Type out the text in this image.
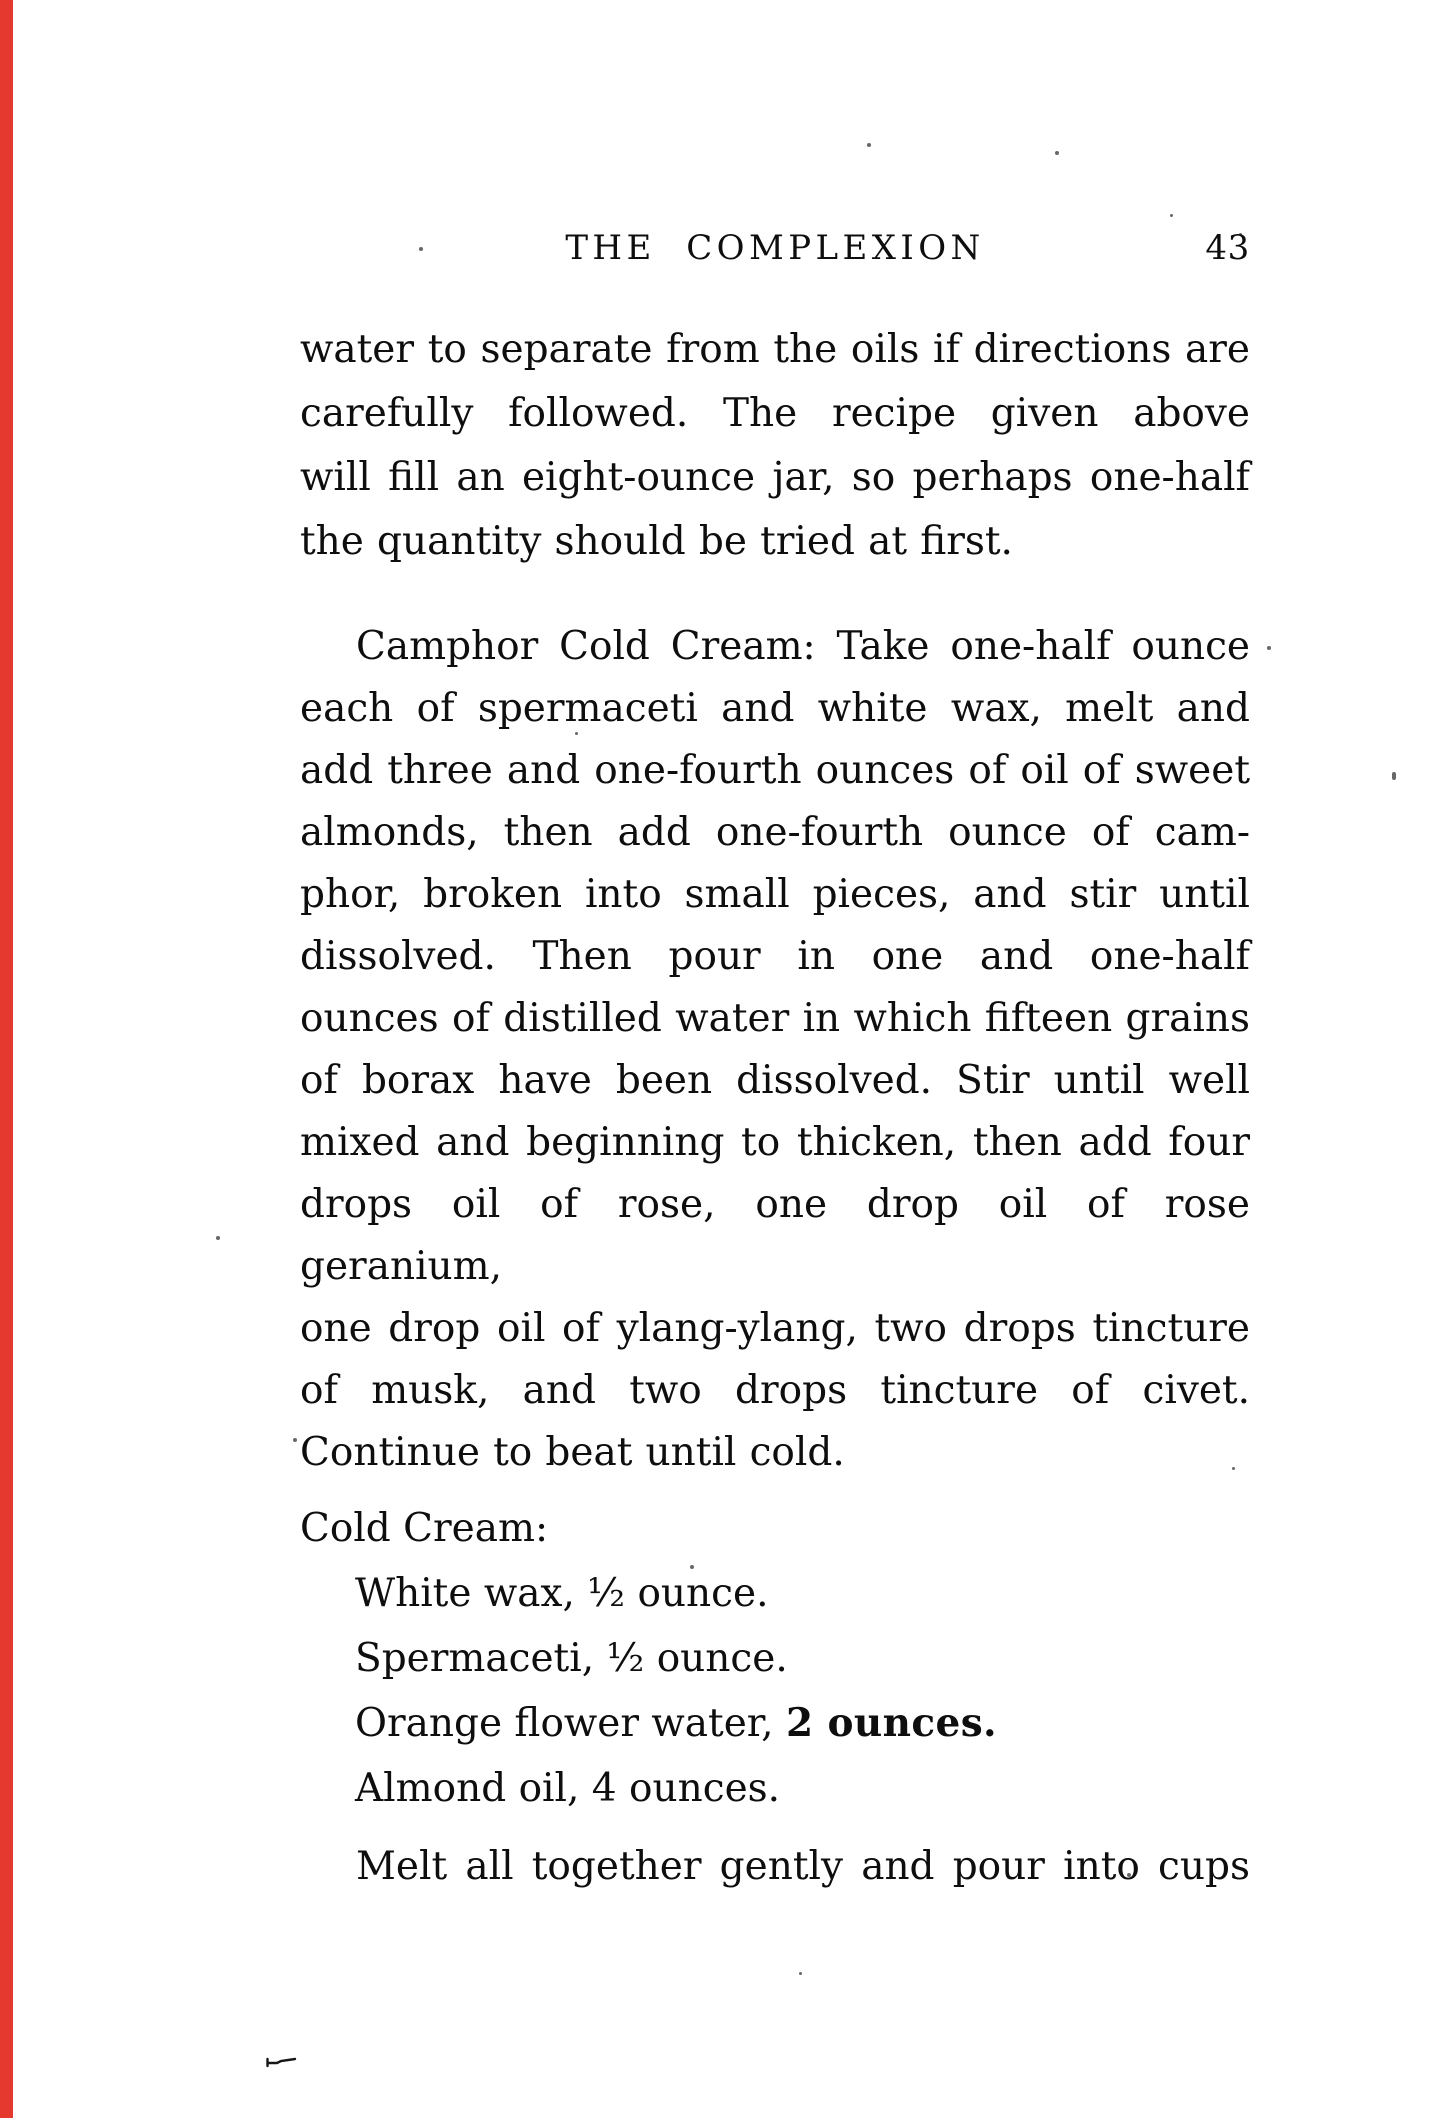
THE COMPLEXION	43
water to separate from the oils if directions are
carefully followed. The recipe given above
will fill an eight-ounce jar, so perhaps one-half
the quantity should be tried at first.
Camphor Cold Cream: Take one-half ounce
each of spermaceti and white wax, melt and
add three and one-fourth ounces of oil of sweet
almonds, then add one-fourth ounce of cam-
phor, broken into small pieces, and stir until
dissolved. Then pour in one and one-half
ounces of distilled water in which fifteen grains
of borax have been dissolved. Stir until well
mixed and beginning to thicken, then add four
drops oil of rose, one drop oil of rose geranium,
one drop oil of ylang-ylang, two drops tincture
of musk, and two drops tincture of civet.
Continue to beat until cold.
Cold Cream:
White wax, ½ ounce.
Spermaceti, ½ ounce.
Orange flower water, 2 ounces.
Almond oil, 4 ounces.
Melt all together gently and pour into cups
